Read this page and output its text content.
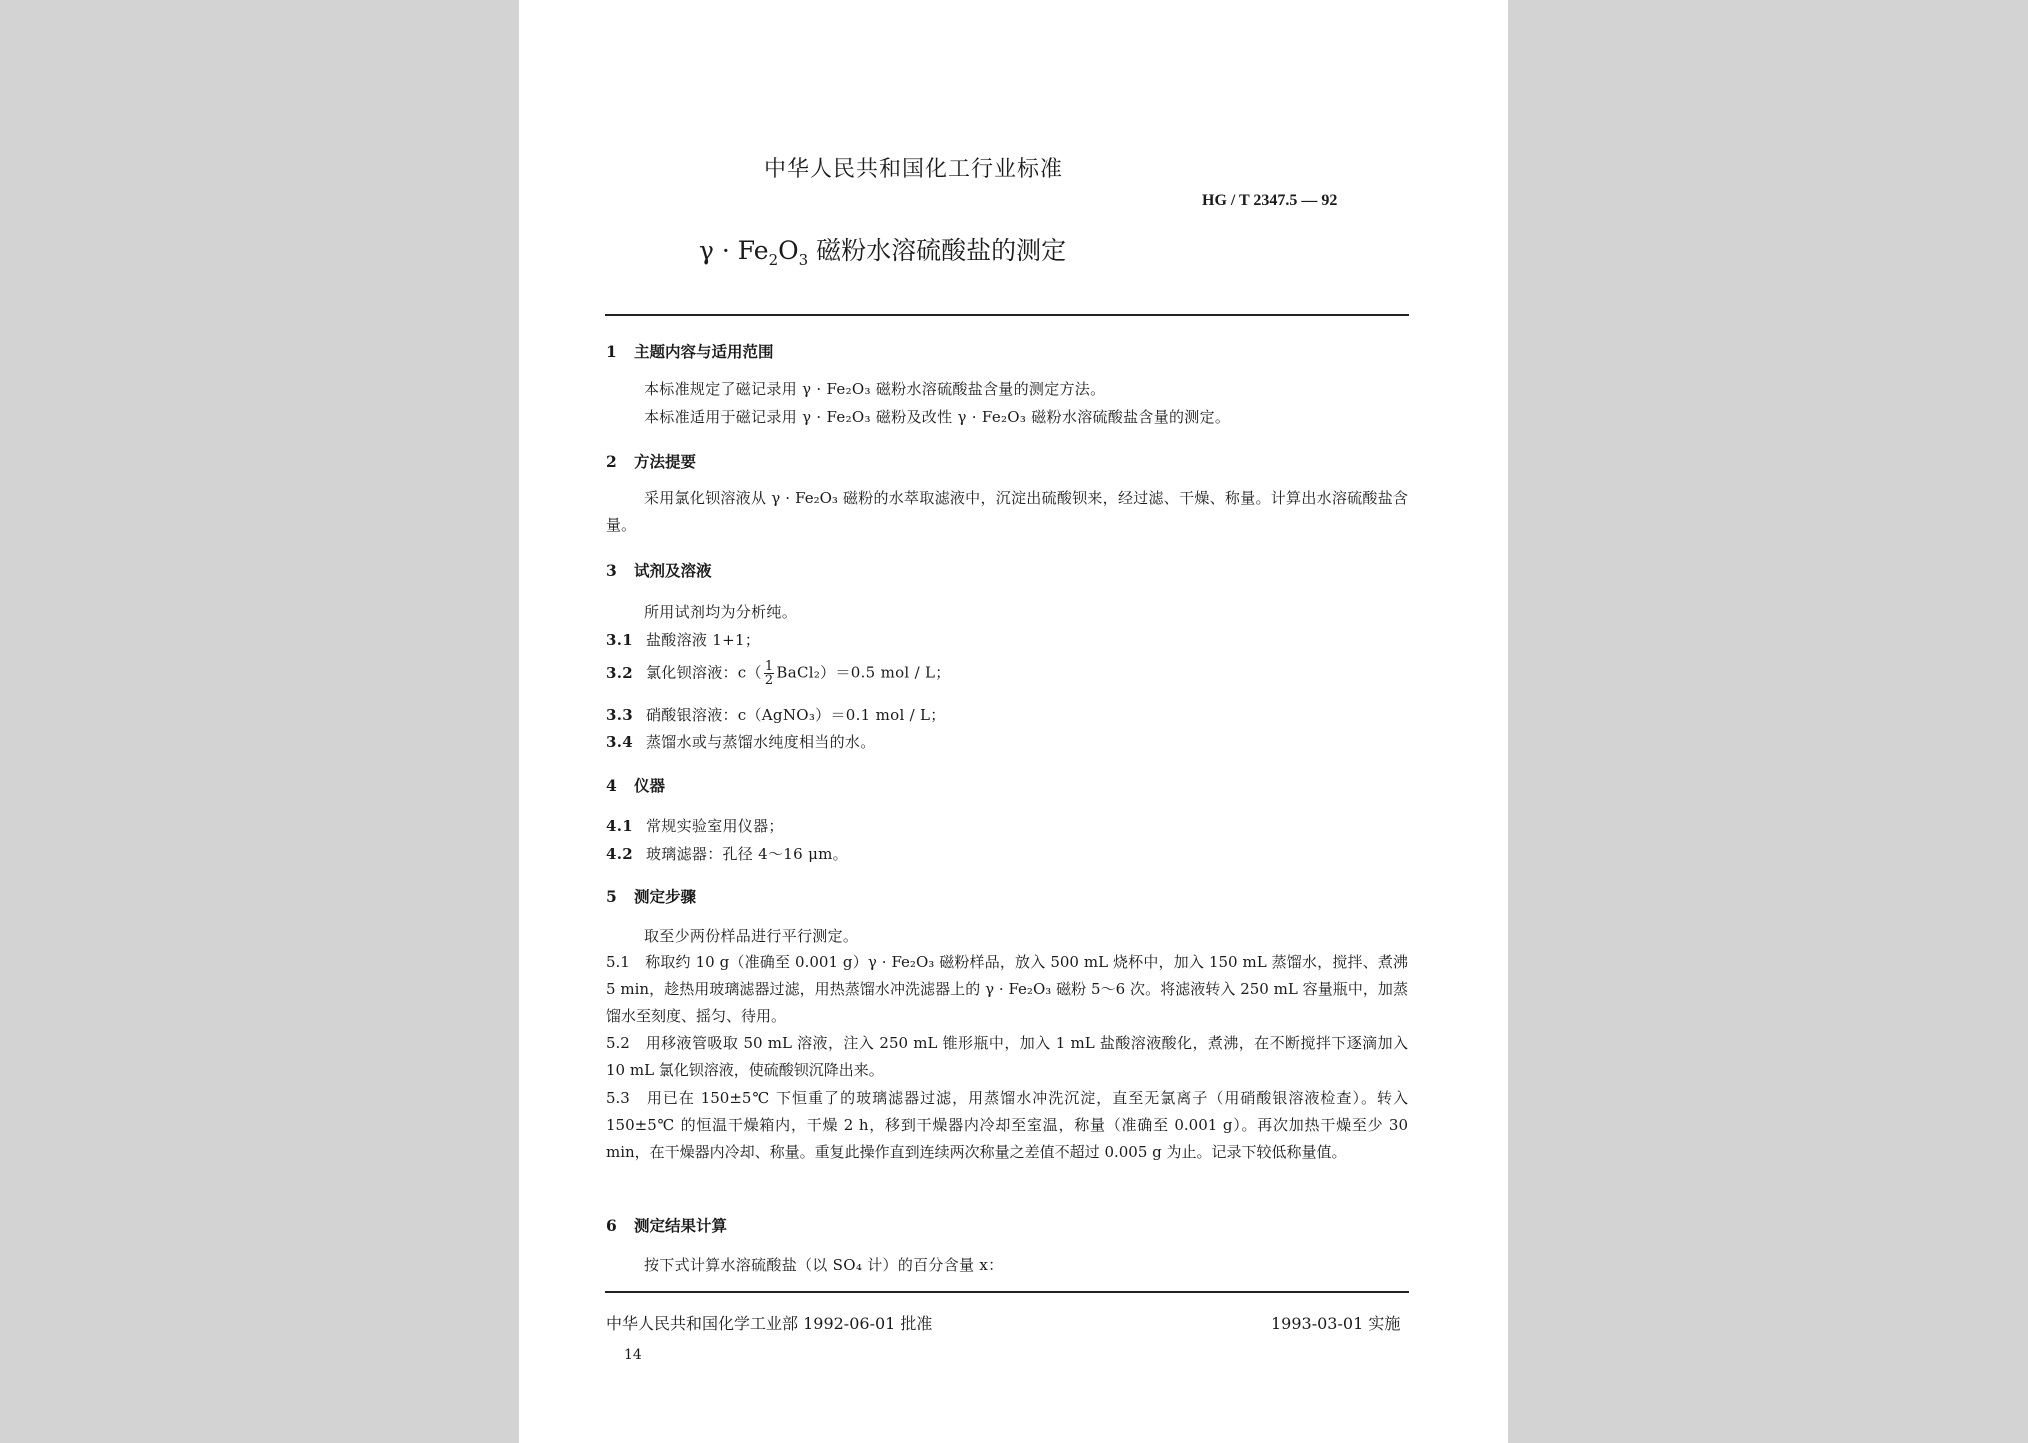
中华人民共和国化工行业标准
HG / T 2347.5 — 92
$\gamma \cdot Fe_2O_3$ 磁粉水溶硫酸盐的测定
1 主题内容与适用范围
本标准规定了磁记录用 γ · Fe₂O₃ 磁粉水溶硫酸盐含量的测定方法。
本标准适用于磁记录用 γ · Fe₂O₃ 磁粉及改性 γ · Fe₂O₃ 磁粉水溶硫酸盐含量的测定。
2 方法提要
采用氯化钡溶液从 γ · Fe₂O₃ 磁粉的水萃取滤液中，沉淀出硫酸钡来，经过滤、干燥、称量。计算出水溶硫酸盐含量。
3 试剂及溶液
所用试剂均为分析纯。
3.1 盐酸溶液 1+1；
3.2 氯化钡溶液：$c( \frac{1}{2}$ BaCl₂）＝0.5 mol / L；
3.3 硝酸银溶液：c（AgNO₃）＝0.1 mol / L；
3.4 蒸馏水或与蒸馏水纯度相当的水。
4 仪器
4.1 常规实验室用仪器；
4.2 玻璃滤器：孔径 4～16 μm。
5 测定步骤
取至少两份样品进行平行测定。
5.1　称取约 10 g（准确至 0.001 g）γ · Fe₂O₃ 磁粉样品，放入 500 mL 烧杯中，加入 150 mL 蒸馏水，搅拌、煮沸 5 min，趁热用玻璃滤器过滤，用热蒸馏水冲洗滤器上的 γ · Fe₂O₃ 磁粉 5～6 次。将滤液转入 250 mL 容量瓶中，加蒸馏水至刻度、摇匀、待用。
5.2　用移液管吸取 50 mL 溶液，注入 250 mL 锥形瓶中，加入 1 mL 盐酸溶液酸化，煮沸，在不断搅拌下逐滴加入 10 mL 氯化钡溶液，使硫酸钡沉降出来。
5.3　用已在 150±5℃ 下恒重了的玻璃滤器过滤，用蒸馏水冲洗沉淀，直至无氯离子（用硝酸银溶液检查）。转入 150±5℃ 的恒温干燥箱内，干燥 2 h，移到干燥器内冷却至室温，称量（准确至 0.001 g）。再次加热干燥至少 30 min，在干燥器内冷却、称量。重复此操作直到连续两次称量之差值不超过 0.005 g 为止。记录下较低称量值。
6 测定结果计算
按下式计算水溶硫酸盐（以 SO₄ 计）的百分含量 x：
中华人民共和国化学工业部 1992-06-01 批准	1993-03-01 实施
14
